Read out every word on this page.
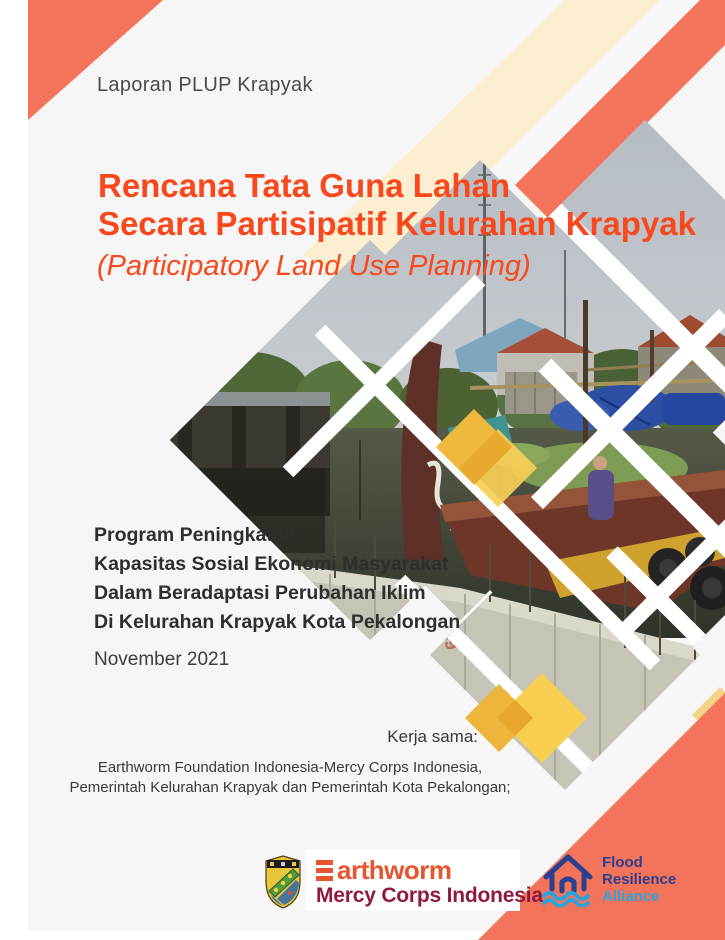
Laporan PLUP Krapyak
Rencana Tata Guna Lahan
Secara Partisipatif Kelurahan Krapyak
(Participatory Land Use Planning)
Program Peningkatan
Kapasitas Sosial Ekonomi Masyarakat
Dalam Beradaptasi Perubahan Iklim
Di Kelurahan Krapyak Kota Pekalongan
November 2021
Kerja sama:
Earthworm Foundation Indonesia-Mercy Corps Indonesia,
Pemerintah Kelurahan Krapyak dan Pemerintah Kota Pekalongan;
arthworm
Mercy Corps Indonesia
Flood
Resilience
Alliance
